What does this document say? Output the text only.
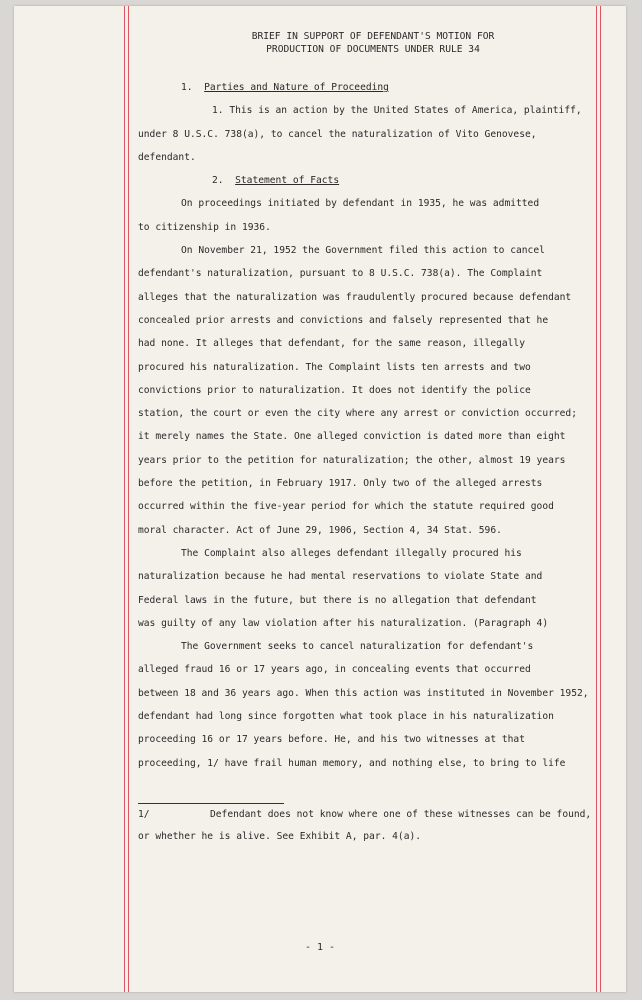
BRIEF IN SUPPORT OF DEFENDANT'S MOTION FOR
PRODUCTION OF DOCUMENTS UNDER RULE 34
1. Parties and Nature of Proceeding
1. This is an action by the United States of America, plaintiff,
under 8 U.S.C. 738(a), to cancel the naturalization of Vito Genovese,
defendant.
2. Statement of Facts
On proceedings initiated by defendant in 1935, he was admitted
to citizenship in 1936.
On November 21, 1952 the Government filed this action to cancel
defendant's naturalization, pursuant to 8 U.S.C. 738(a). The Complaint
alleges that the naturalization was fraudulently procured because defendant
concealed prior arrests and convictions and falsely represented that he
had none. It alleges that defendant, for the same reason, illegally
procured his naturalization. The Complaint lists ten arrests and two
convictions prior to naturalization. It does not identify the police
station, the court or even the city where any arrest or conviction occurred;
it merely names the State. One alleged conviction is dated more than eight
years prior to the petition for naturalization; the other, almost 19 years
before the petition, in February 1917. Only two of the alleged arrests
occurred within the five-year period for which the statute required good
moral character. Act of June 29, 1906, Section 4, 34 Stat. 596.
The Complaint also alleges defendant illegally procured his
naturalization because he had mental reservations to violate State and
Federal laws in the future, but there is no allegation that defendant
was guilty of any law violation after his naturalization. (Paragraph 4)
The Government seeks to cancel naturalization for defendant's
alleged fraud 16 or 17 years ago, in concealing events that occurred
between 18 and 36 years ago. When this action was instituted in November 1952,
defendant had long since forgotten what took place in his naturalization
proceeding 16 or 17 years before. He, and his two witnesses at that
proceeding, 1/ have frail human memory, and nothing else, to bring to life
1/	Defendant does not know where one of these witnesses can be found,
or whether he is alive. See Exhibit A, par. 4(a).
- 1 -
